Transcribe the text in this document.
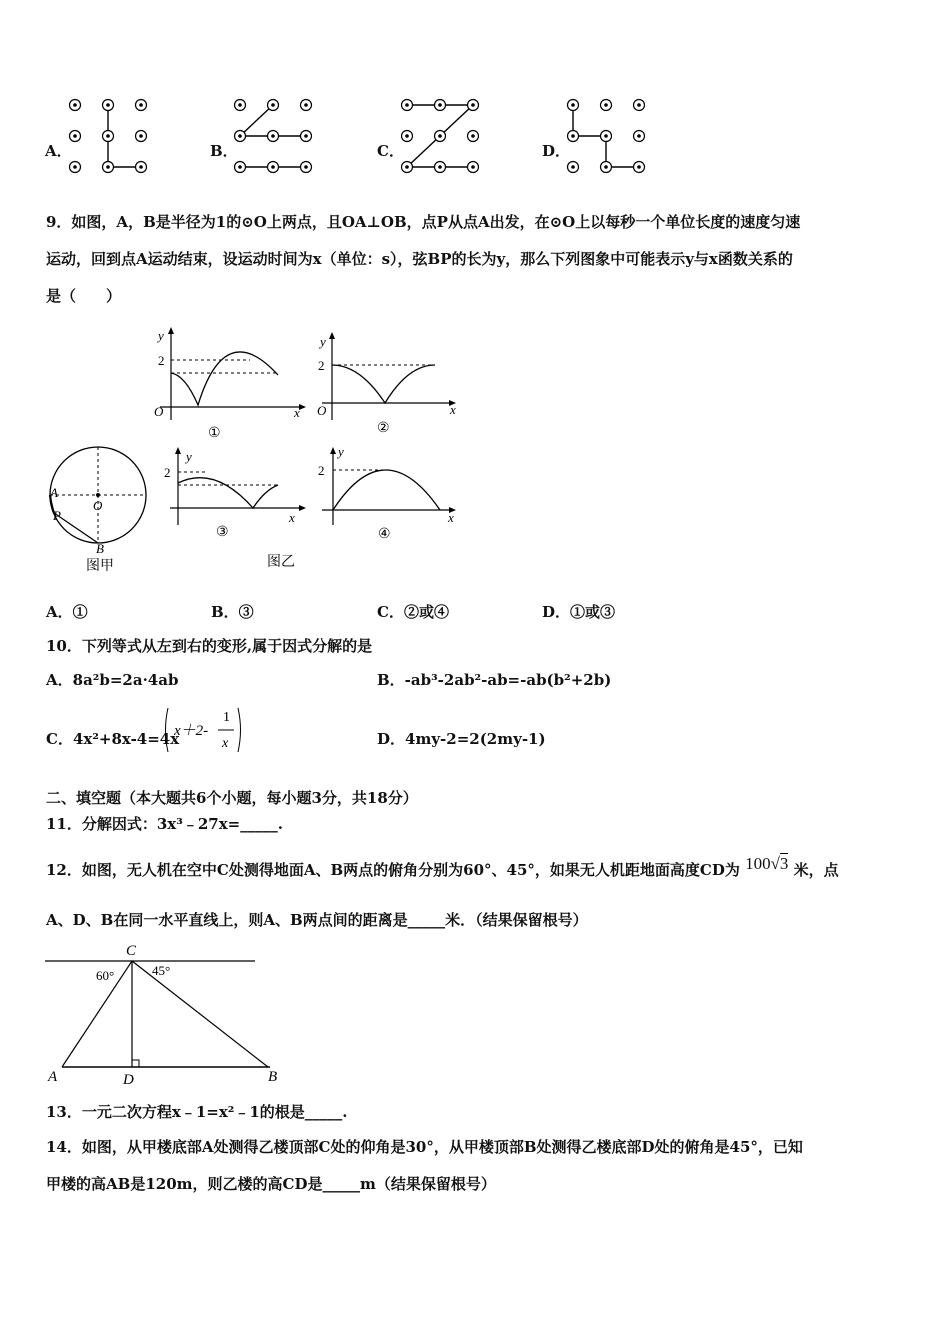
A．	B．	C．	D．
9．如图，A，B是半径为1的⊙O上两点，且OA⊥OB，点P从点A出发，在⊙O上以每秒一个单位长度的速度匀速
运动，回到点A运动结束，设运动时间为x（单位：s），弦BP的长为y，那么下列图象中可能表示y与x函数关系的
是（　　）
y
2
O	x
①
y
2
O	x
②
A
P
O
B
图甲
y
2
x
③
y
2
x
④
图乙
A．①	B．③	C．②或④	D．①或③
10．下列等式从左到右的变形,属于因式分解的是
A．8a²b=2a·4ab	B．-ab³-2ab²-ab=-ab(b²+2b)
C．4x²+8x-4=4x
x＋2-
1
x	D．4my-2=2(2my-1)
二、填空题（本大题共6个小题，每小题3分，共18分）
11．分解因式：3x³﹣27x=_____.
12．如图，无人机在空中C处测得地面A、B两点的俯角分别为60°、45°，如果无人机距地面高度CD为 100√3 米，点
A、D、B在同一水平直线上，则A、B两点间的距离是_____米．（结果保留根号）
C
A	D	B
60°	45°
13．一元二次方程x﹣1=x²﹣1的根是_____.
14．如图，从甲楼底部A处测得乙楼顶部C处的仰角是30°，从甲楼顶部B处测得乙楼底部D处的俯角是45°，已知
甲楼的高AB是120m，则乙楼的高CD是_____m（结果保留根号）
